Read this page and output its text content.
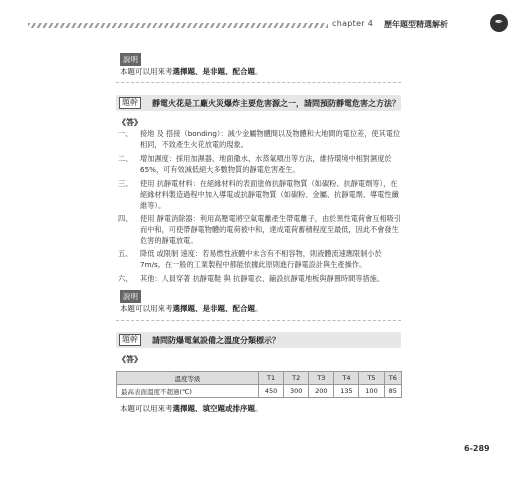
chapter 4 歷年題型精選解析	✒
說明
本題可以用來考選擇題、是非題、配合題。
題幹	靜電火花是工廠火災爆炸主要危害源之一，請問預防靜電危害之方法？
《答》
一、 接地 及 搭接（bonding）：減少金屬物體間以及物體和大地間的電位差，使其電位相同，不致產生火花放電的現象。
二、 增加濕度：採用加濕器、地面撒水、水蒸氣噴出等方法，維持環境中相對濕度於65%，可有效減低絕大多數物質的靜電危害產生。
三、 使用 抗靜電材料：在絕緣材料的表面塗佈抗靜電物質（如碳粉、抗靜電劑等），在絕緣材料製造過程中加入導電或抗靜電物質（如碳粉、金屬、抗靜電劑、導電性纖維等）。
四、 使用 靜電消除器：利用高壓電將空氣電離產生帶電離子，由於異性電荷會互相吸引而中和，可使帶靜電物體的電荷被中和，達成電荷蓄積程度至最低，因此不會發生危害的靜電放電。
五、 降低 或限制 速度：若易燃性液體中未含有不相容物，則液體流速應限制小於7m/s，在一般的工業製程中都能依據此原則進行靜電設計與生產操作。
六、 其他：人員穿著 抗靜電鞋 與 抗靜電衣、鋪設抗靜電地板與靜置時間等措施。
說明
本題可以用來考選擇題、是非題、配合題。
題幹	請問防爆電氣設備之溫度分類標示？
《答》
溫度等級	T1	T2	T3	T4	T5	T6
最高表面溫度不超過(℃)	450	300	200	135	100	85
本題可以用來考選擇題、填空題或排序題。
6-289
